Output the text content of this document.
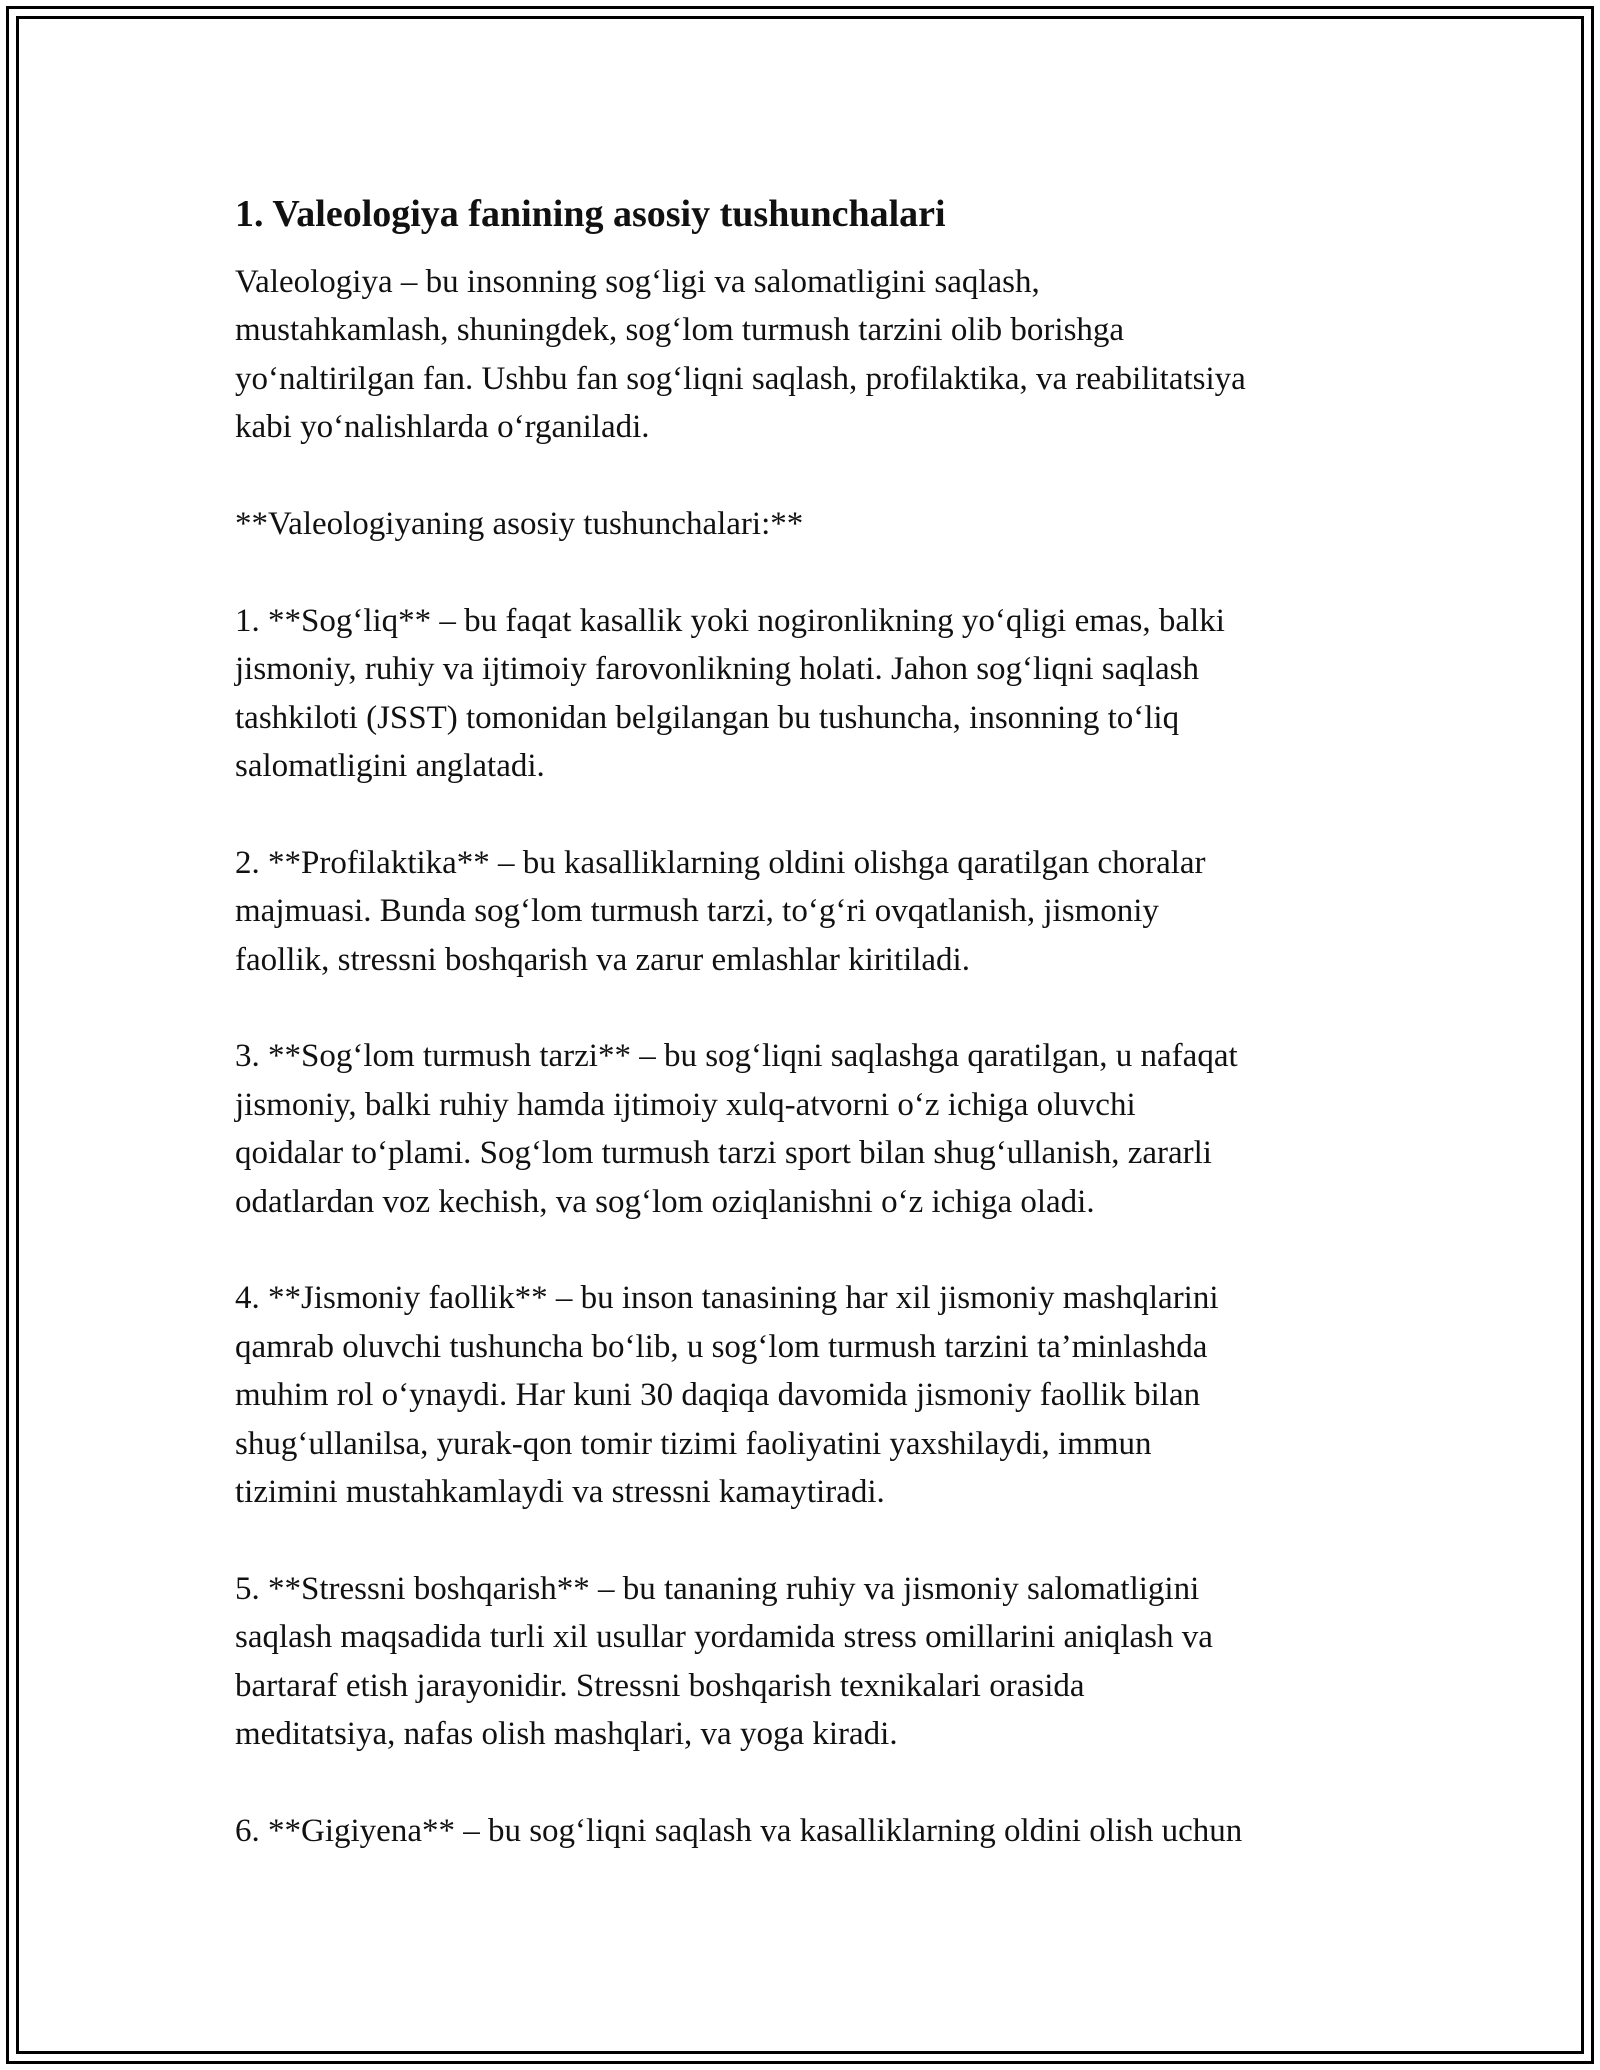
1. Valeologiya fanining asosiy tushunchalari
Valeologiya – bu insonning sog‘ligi va salomatligini saqlash,
mustahkamlash, shuningdek, sog‘lom turmush tarzini olib borishga
yo‘naltirilgan fan. Ushbu fan sog‘liqni saqlash, profilaktika, va reabilitatsiya
kabi yo‘nalishlarda o‘rganiladi.
**Valeologiyaning asosiy tushunchalari:**
1. **Sog‘liq** – bu faqat kasallik yoki nogironlikning yo‘qligi emas, balki
jismoniy, ruhiy va ijtimoiy farovonlikning holati. Jahon sog‘liqni saqlash
tashkiloti (JSST) tomonidan belgilangan bu tushuncha, insonning to‘liq
salomatligini anglatadi.
2. **Profilaktika** – bu kasalliklarning oldini olishga qaratilgan choralar
majmuasi. Bunda sog‘lom turmush tarzi, to‘g‘ri ovqatlanish, jismoniy
faollik, stressni boshqarish va zarur emlashlar kiritiladi.
3. **Sog‘lom turmush tarzi** – bu sog‘liqni saqlashga qaratilgan, u nafaqat
jismoniy, balki ruhiy hamda ijtimoiy xulq-atvorni o‘z ichiga oluvchi
qoidalar to‘plami. Sog‘lom turmush tarzi sport bilan shug‘ullanish, zararli
odatlardan voz kechish, va sog‘lom oziqlanishni o‘z ichiga oladi.
4. **Jismoniy faollik** – bu inson tanasining har xil jismoniy mashqlarini
qamrab oluvchi tushuncha bo‘lib, u sog‘lom turmush tarzini ta’minlashda
muhim rol o‘ynaydi. Har kuni 30 daqiqa davomida jismoniy faollik bilan
shug‘ullanilsa, yurak-qon tomir tizimi faoliyatini yaxshilaydi, immun
tizimini mustahkamlaydi va stressni kamaytiradi.
5. **Stressni boshqarish** – bu tananing ruhiy va jismoniy salomatligini
saqlash maqsadida turli xil usullar yordamida stress omillarini aniqlash va
bartaraf etish jarayonidir. Stressni boshqarish texnikalari orasida
meditatsiya, nafas olish mashqlari, va yoga kiradi.
6. **Gigiyena** – bu sog‘liqni saqlash va kasalliklarning oldini olish uchun
